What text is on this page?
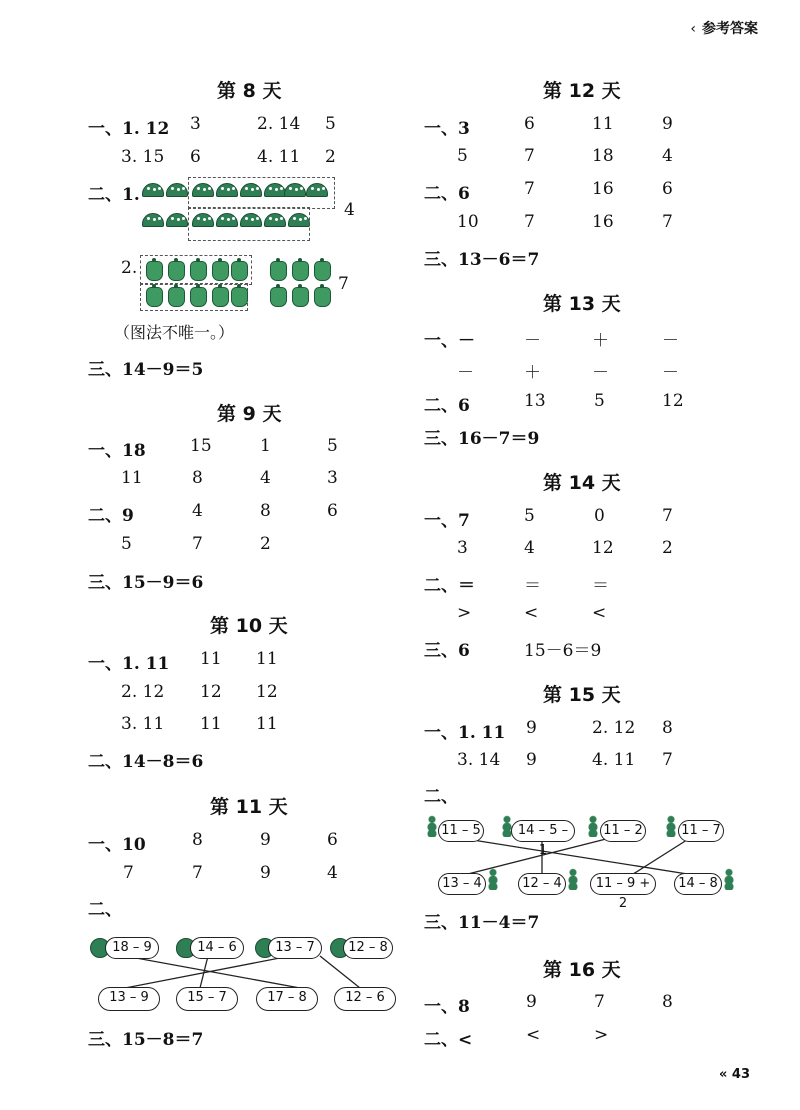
‹ 参考答案
第 8 天
一、1. 12 3	2. 14 5
3. 15 6	4. 11 2
二、1.
4
2.
7
（图法不唯一。）
三、14－9＝5
第 9 天
一、18	15	1	5
11	8	4	3
二、9	4	8	6
5	7	2
三、15－9＝6
第 10 天
一、1. 11 11 11
2. 12 12 12
3. 11 11 11
二、14－8＝6
第 11 天
一、10	8	9	6
7	7	9	4
二、
18 – 9	14 – 6	13 – 7	12 – 8
13 – 9	15 – 7	17 – 8	12 – 6
三、15－8＝7
第 12 天
一、3	6	11	9
5	7	18	4
二、6	7	16	6
10	7	16	7
三、13－6＝7
第 13 天
一、－	－	＋	－
－	＋	－	－
二、6	13	5	12
三、16－7＝9
第 14 天
一、7	5	0	7
3	4	12	2
二、＝	＝	＝
>	<	<
三、6	15－6＝9
第 15 天
一、1. 11 9	2. 12 8
3. 14 9	4. 11 7
二、
11 – 5	14 – 5 – 1
11 – 2	11 – 7
13 – 4	12 – 4	11 – 9 + 2
14 – 8
三、11－4＝7
第 16 天
一、8	9	7	8
二、<	<	>
« 43
